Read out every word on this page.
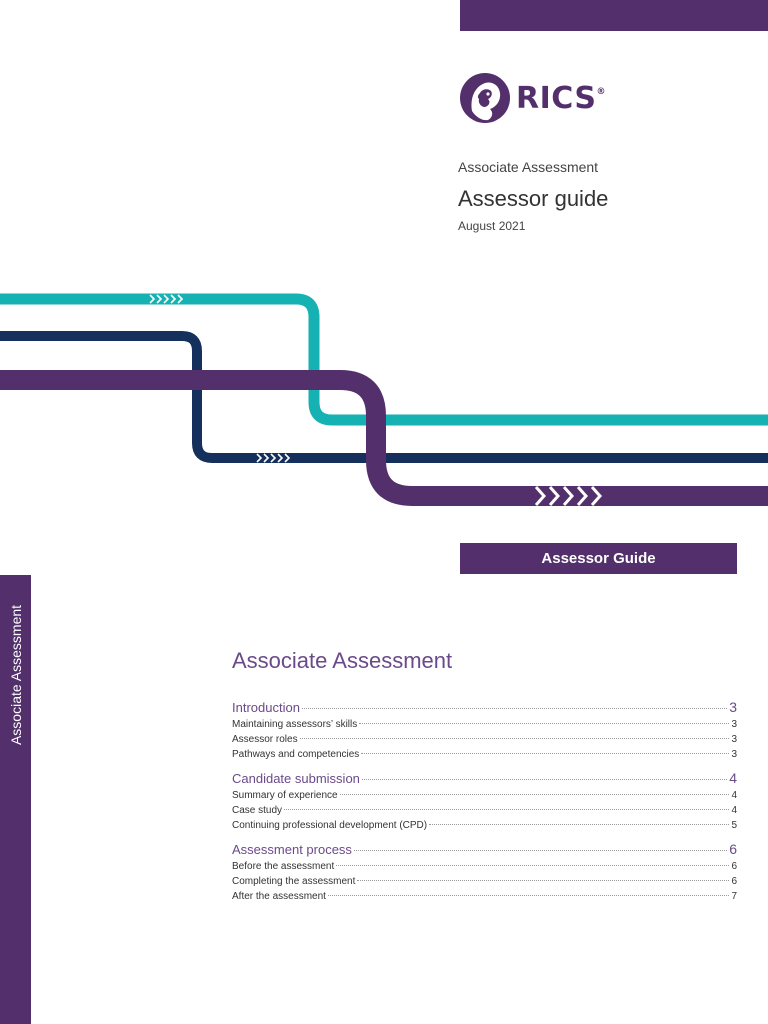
RICS®
Associate Assessment
Assessor guide
August 2021
Assessor Guide
Associate Assessment	Associate Assessment
Introduction	3
Maintaining assessors’ skills	3
Assessor roles	3
Pathways and competencies	3
Candidate submission	4
Summary of experience	4
Case study	4
Continuing professional development (CPD)	5
Assessment process	6
Before the assessment	6
Completing the assessment	6
After the assessment	7
